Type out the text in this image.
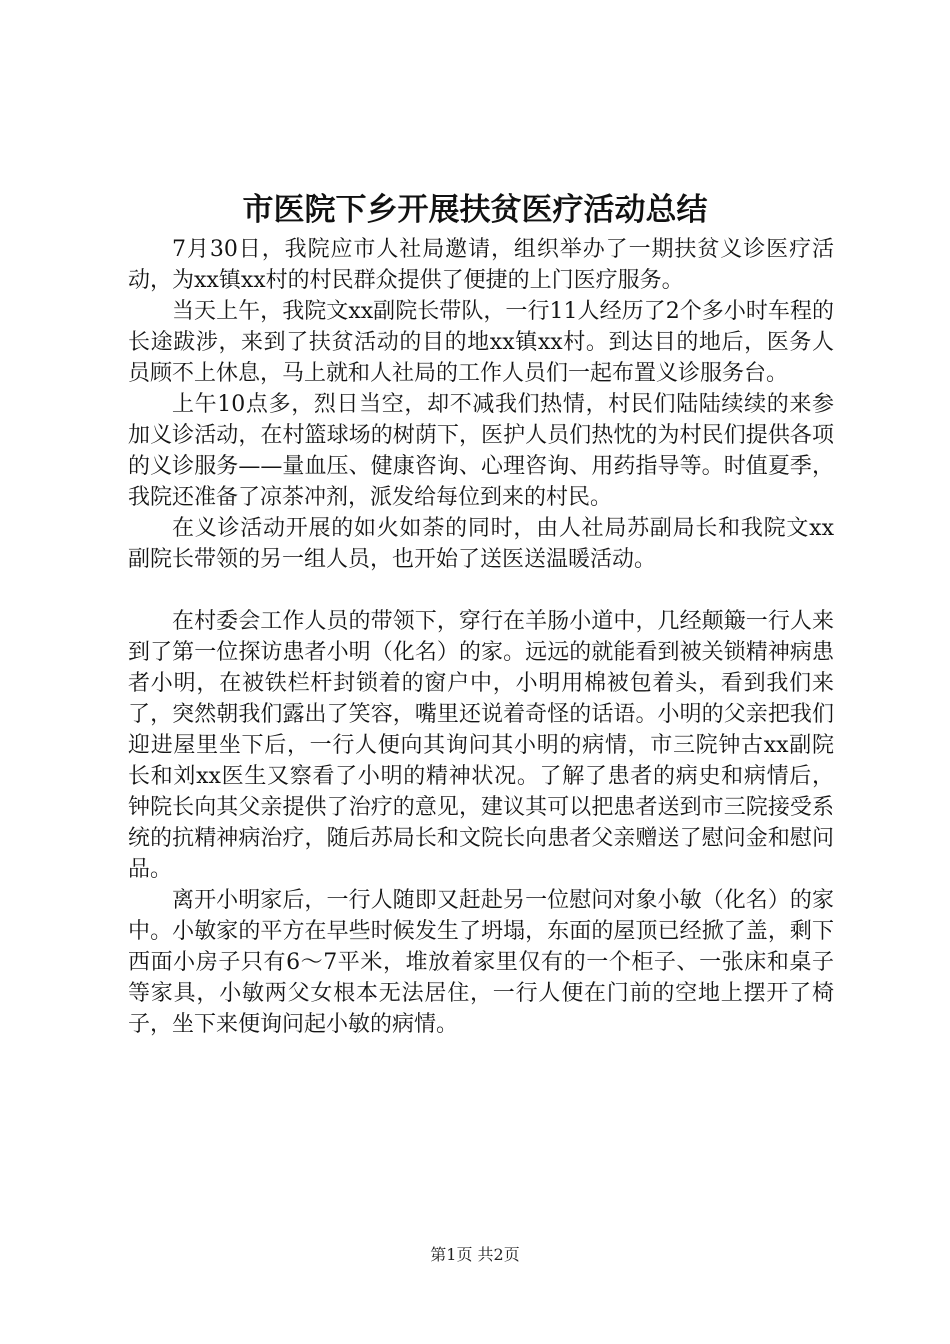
市医院下乡开展扶贫医疗活动总结

7月30日，我院应市人社局邀请，组织举办了一期扶贫义诊医疗活动，为xx镇xx村的村民群众提供了便捷的上门医疗服务。

当天上午，我院文xx副院长带队，一行11人经历了2个多小时车程的长途跋涉，来到了扶贫活动的目的地xx镇xx村。到达目的地后，医务人员顾不上休息，马上就和人社局的工作人员们一起布置义诊服务台。

上午10点多，烈日当空，却不减我们热情，村民们陆陆续续的来参加义诊活动，在村篮球场的树荫下，医护人员们热忱的为村民们提供各项的义诊服务——量血压、健康咨询、心理咨询、用药指导等。时值夏季，我院还准备了凉茶冲剂，派发给每位到来的村民。

在义诊活动开展的如火如荼的同时，由人社局苏副局长和我院文xx副院长带领的另一组人员，也开始了送医送温暖活动。

在村委会工作人员的带领下，穿行在羊肠小道中，几经颠簸一行人来到了第一位探访患者小明（化名）的家。远远的就能看到被关锁精神病患者小明，在被铁栏杆封锁着的窗户中，小明用棉被包着头，看到我们来了，突然朝我们露出了笑容，嘴里还说着奇怪的话语。小明的父亲把我们迎进屋里坐下后，一行人便向其询问其小明的病情，市三院钟古xx副院长和刘xx医生又察看了小明的精神状况。了解了患者的病史和病情后，钟院长向其父亲提供了治疗的意见，建议其可以把患者送到市三院接受系统的抗精神病治疗，随后苏局长和文院长向患者父亲赠送了慰问金和慰问品。

离开小明家后，一行人随即又赶赴另一位慰问对象小敏（化名）的家中。小敏家的平方在早些时候发生了坍塌，东面的屋顶已经掀了盖，剩下西面小房子只有6～7平米，堆放着家里仅有的一个柜子、一张床和桌子等家具，小敏两父女根本无法居住，一行人便在门前的空地上摆开了椅子，坐下来便询问起小敏的病情。

第1页 共2页
